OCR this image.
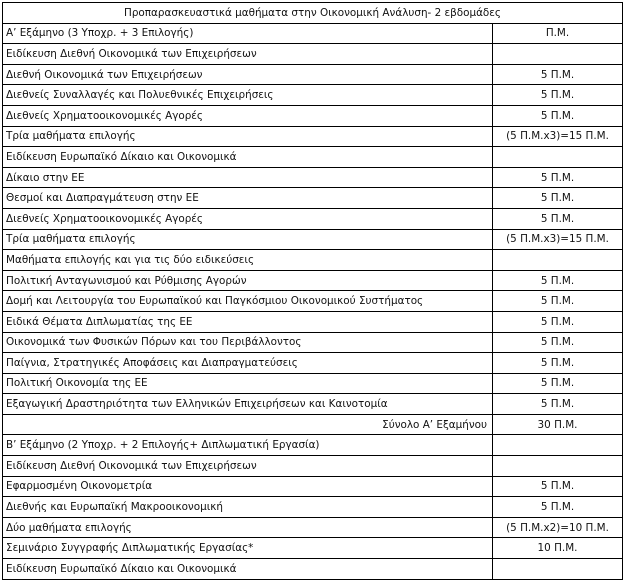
Προπαρασκευαστικά μαθήματα στην Οικονομική Ανάλυση- 2 εβδομάδες	
Α’ Εξάμηνο (3 Υποχρ. + 3 Επιλογής)	Π.Μ.
Ειδίκευση Διεθνή Οικονομικά των Επιχειρήσεων	
Διεθνή Οικονομικά των Επιχειρήσεων	5 Π.Μ.
Διεθνείς Συναλλαγές και Πολυεθνικές Επιχειρήσεις	5 Π.Μ.
Διεθνείς Χρηματοοικονομικές Αγορές	5 Π.Μ.
Τρία μαθήματα επιλογής	(5 Π.Μ.x3)=15 Π.Μ.
Ειδίκευση Ευρωπαϊκό Δίκαιο και Οικονομικά	
Δίκαιο στην ΕΕ	5 Π.Μ.
Θεσμοί και Διαπραγμάτευση στην ΕΕ	5 Π.Μ.
Διεθνείς Χρηματοοικονομικές Αγορές	5 Π.Μ.
Τρία μαθήματα επιλογής	(5 Π.Μ.x3)=15 Π.Μ.
Μαθήματα επιλογής και για τις δύο ειδικεύσεις	
Πολιτική Ανταγωνισμού και Ρύθμισης Αγορών	5 Π.Μ.
Δομή και Λειτουργία του Ευρωπαϊκού και Παγκόσμιου Οικονομικού Συστήματος	5 Π.Μ.
Ειδικά Θέματα Διπλωματίας της ΕΕ	5 Π.Μ.
Οικονομικά των Φυσικών Πόρων και του Περιβάλλοντος	5 Π.Μ.
Παίγνια, Στρατηγικές Αποφάσεις και Διαπραγματεύσεις	5 Π.Μ.
Πολιτική Οικονομία της ΕΕ	5 Π.Μ.
Εξαγωγική Δραστηριότητα των Ελληνικών Επιχειρήσεων και Καινοτομία	5 Π.Μ.
Σύνολο Α’ Εξαμήνου	30 Π.Μ.
Β’ Εξάμηνο (2 Υποχρ. + 2 Επιλογής+ Διπλωματική Εργασία)	
Ειδίκευση Διεθνή Οικονομικά των Επιχειρήσεων	
Εφαρμοσμένη Οικονομετρία	5 Π.Μ.
Διεθνής και Ευρωπαϊκή Μακροοικονομική	5 Π.Μ.
Δύο μαθήματα επιλογής	(5 Π.Μ.x2)=10 Π.Μ.
Σεμινάριο Συγγραφής Διπλωματικής Εργασίας*	10 Π.Μ.
Ειδίκευση Ευρωπαϊκό Δίκαιο και Οικονομικά	
